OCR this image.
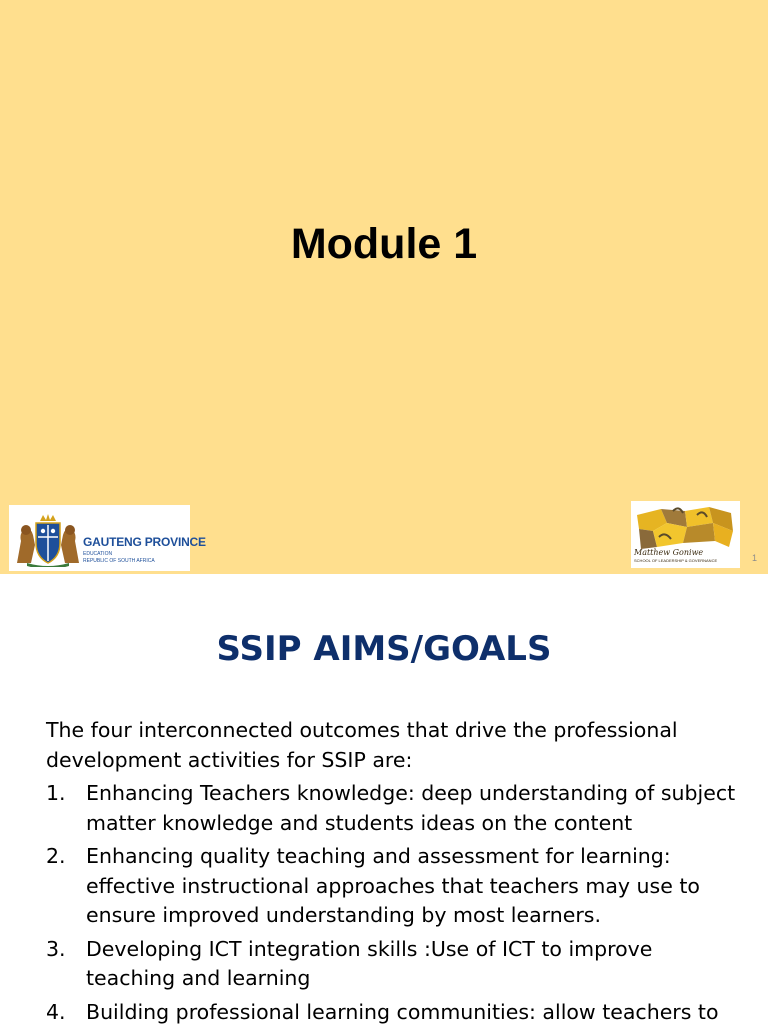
Module 1
GAUTENG PROVINCE
EDUCATION
REPUBLIC OF SOUTH AFRICA
Matthew Goniwe
SCHOOL OF LEADERSHIP & GOVERNANCE	1
SSIP AIMS/GOALS

The four interconnected outcomes that drive the professional development activities for SSIP are:

1. Enhancing Teachers knowledge: deep understanding of subject matter knowledge and students ideas on the content
2. Enhancing quality teaching and assessment for learning: effective instructional approaches that teachers may use to ensure improved understanding by most learners.
3. Developing ICT integration skills :Use of ICT to improve teaching and learning
4. Building professional learning communities: allow teachers to
